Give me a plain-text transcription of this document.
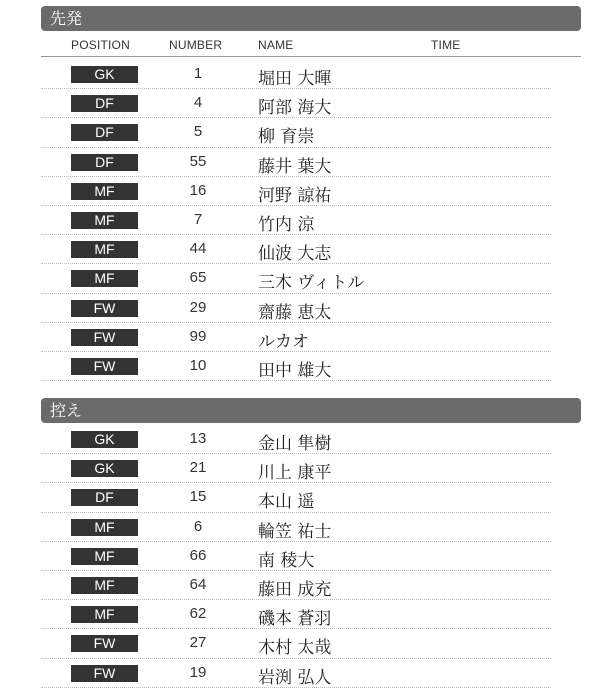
先発
POSITION	NUMBER	NAME	TIME
GK	1	堀田 大暉
DF	4	阿部 海大
DF	5	柳 育崇
DF	55	藤井 葉大
MF	16	河野 諒祐
MF	7	竹内 涼
MF	44	仙波 大志
MF	65	三木 ヴィトル
FW	29	齋藤 恵太
FW	99	ルカオ
FW	10	田中 雄大
控え
GK	13	金山 隼樹
GK	21	川上 康平
DF	15	本山 遥
MF	6	輪笠 祐士
MF	66	南 稜大
MF	64	藤田 成充
MF	62	磯本 蒼羽
FW	27	木村 太哉
FW	19	岩渕 弘人
